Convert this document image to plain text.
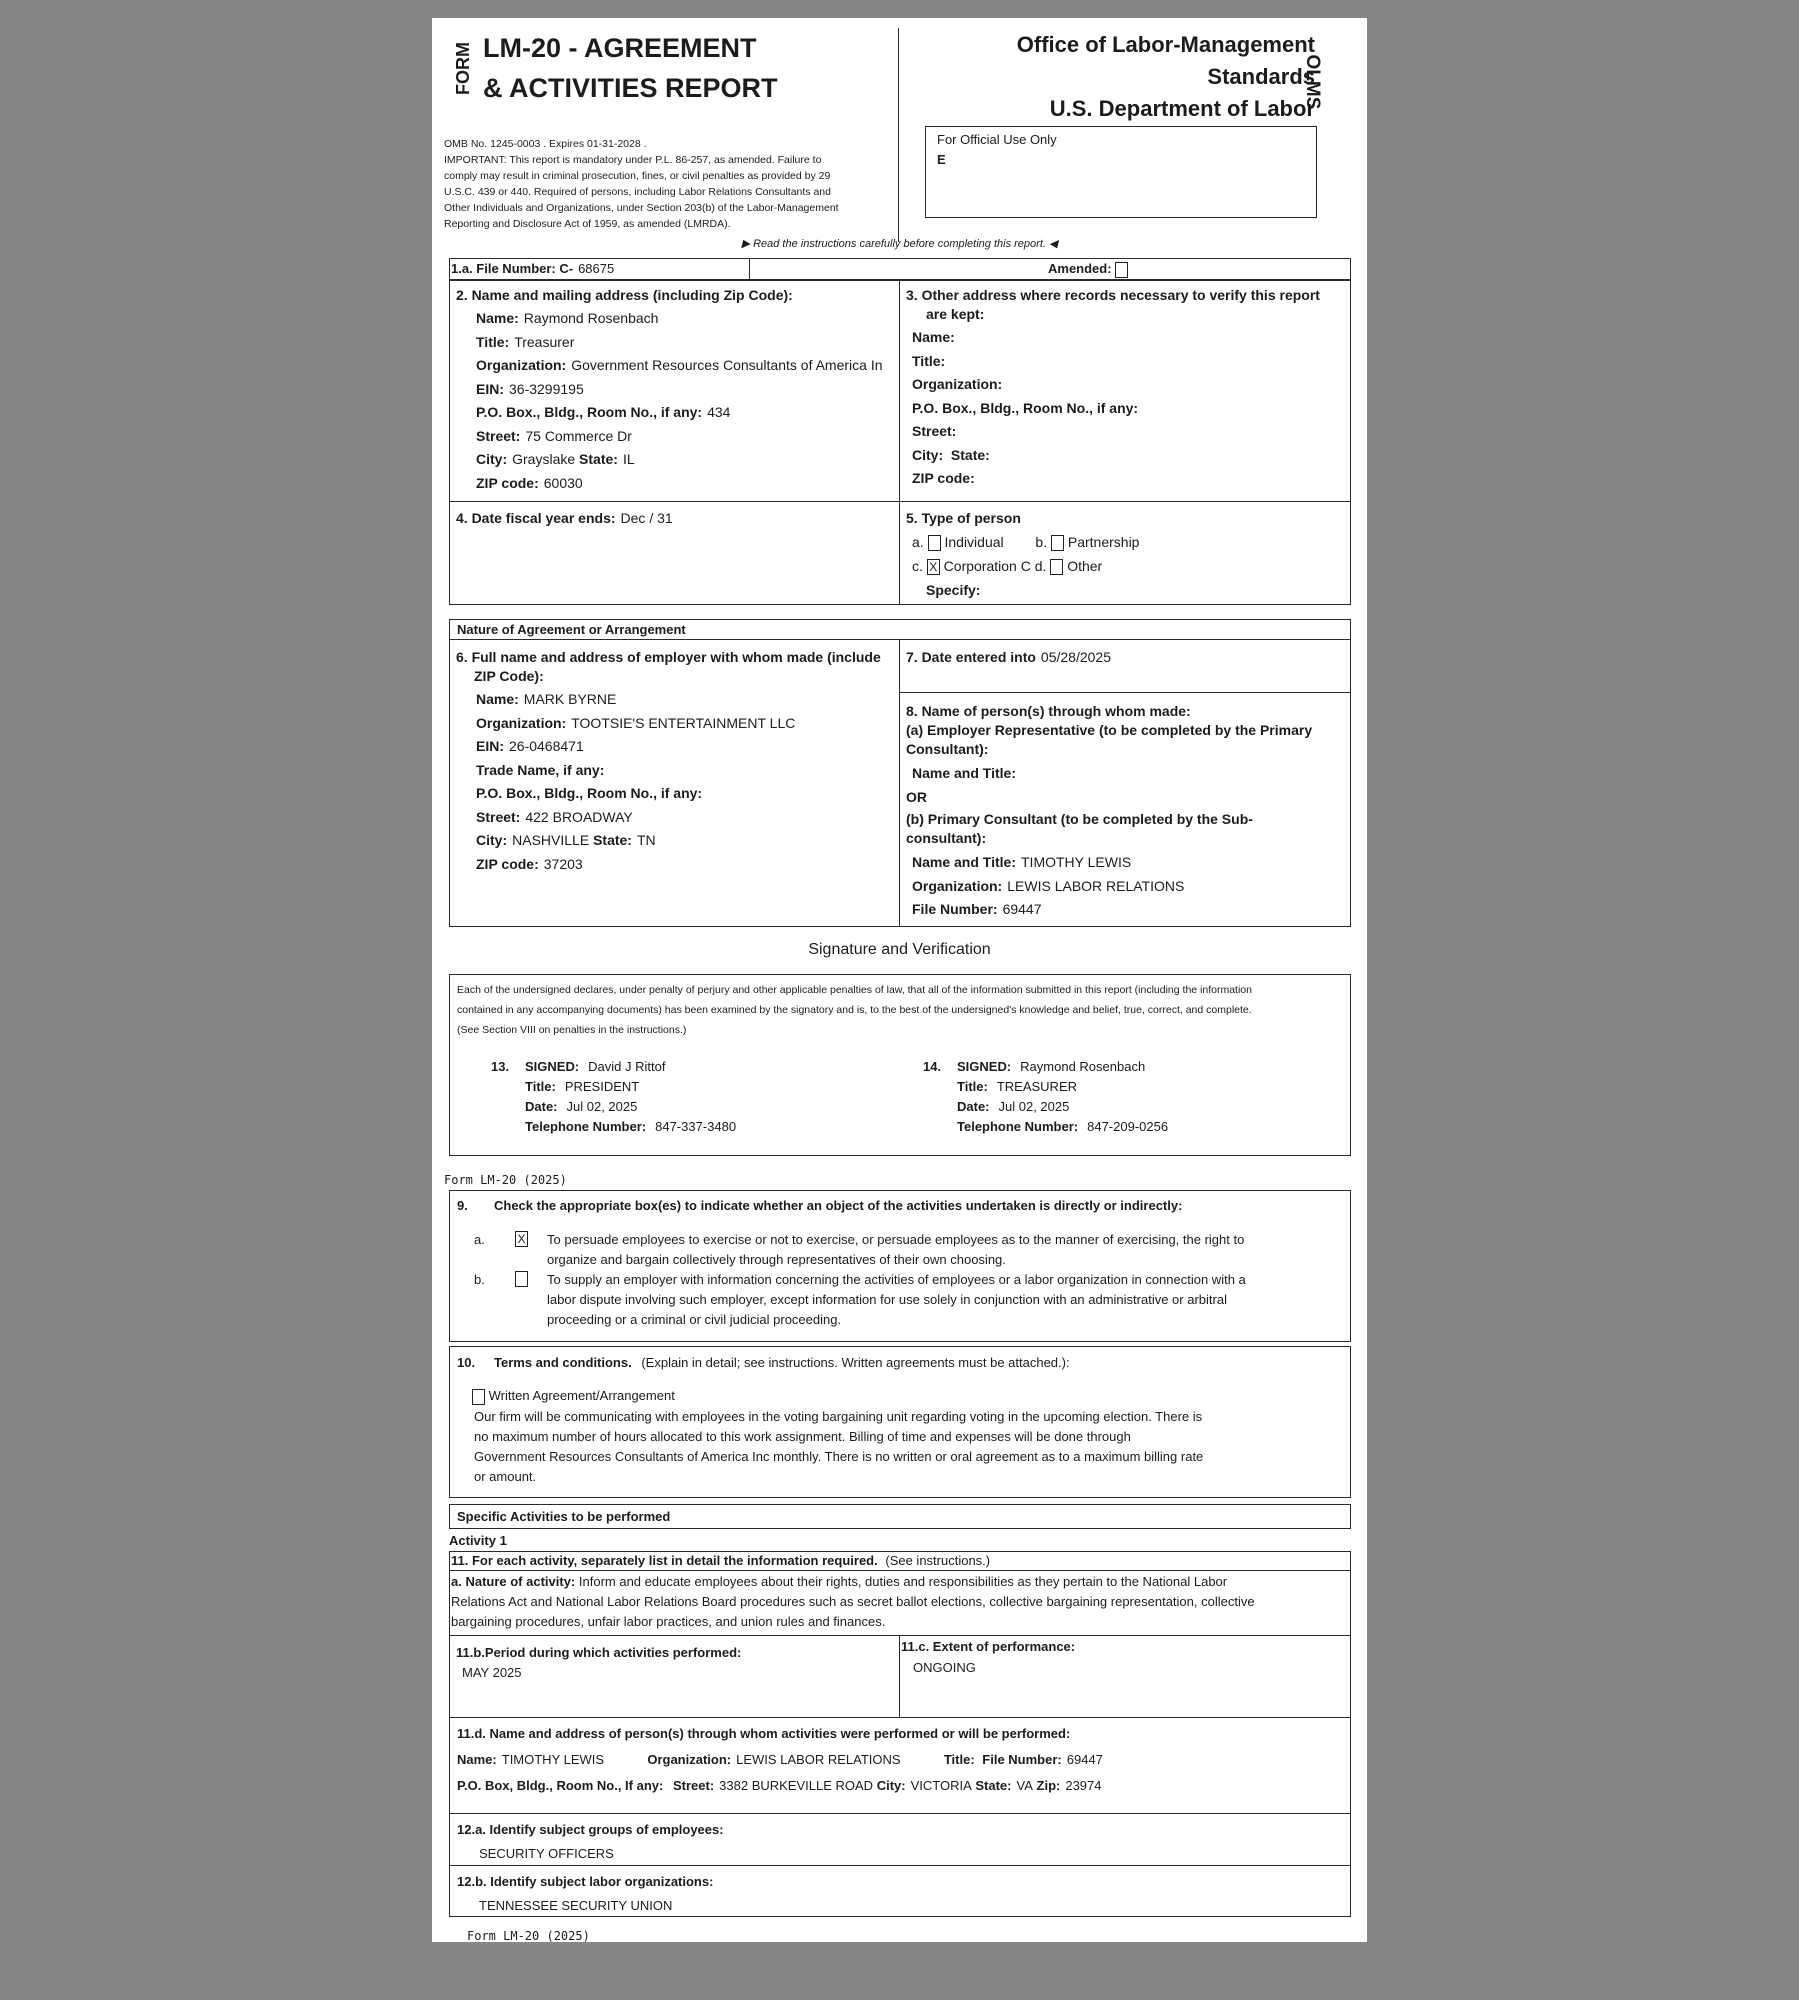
FORM LM-20 - AGREEMENT
& ACTIVITIES REPORT
OMB No. 1245-0003 . Expires 01-31-2028 .
IMPORTANT: This report is mandatory under P.L. 86-257, as amended. Failure to
comply may result in criminal prosecution, fines, or civil penalties as provided by 29
U.S.C. 439 or 440. Required of persons, including Labor Relations Consultants and
Other Individuals and Organizations, under Section 203(b) of the Labor-Management
Reporting and Disclosure Act of 1959, as amended (LMRDA).
Office of Labor-Management
Standards
U.S. Department of Labor
OLMS
For Official Use Only
E
▶ Read the instructions carefully before completing this report. ◀
1.a. File Number: C- 68675	Amended:
2. Name and mailing address (including Zip Code):
Name: Raymond Rosenbach
Title: Treasurer
Organization: Government Resources Consultants of America In
EIN: 36-3299195
P.O. Box., Bldg., Room No., if any: 434
Street: 75 Commerce Dr
City: Grayslake State: IL
ZIP code: 60030
3. Other address where records necessary to verify this report
are kept:
Name:
Title:
Organization:
P.O. Box., Bldg., Room No., if any:
Street:
City: State:
ZIP code:
4. Date fiscal year ends: Dec / 31	5. Type of person
a. Individual b. Partnership
c. X Corporation C d. Other
Specify:
Nature of Agreement or Arrangement
6. Full name and address of employer with whom made (include
ZIP Code):
Name: MARK BYRNE
Organization: TOOTSIE'S ENTERTAINMENT LLC
EIN: 26-0468471
Trade Name, if any:
P.O. Box., Bldg., Room No., if any:
Street: 422 BROADWAY
City: NASHVILLE State: TN
ZIP code: 37203
7. Date entered into 05/28/2025
8. Name of person(s) through whom made:
(a) Employer Representative (to be completed by the Primary
Consultant):
Name and Title:
OR
(b) Primary Consultant (to be completed by the Sub-
consultant):
Name and Title: TIMOTHY LEWIS
Organization: LEWIS LABOR RELATIONS
File Number: 69447
Signature and Verification
Each of the undersigned declares, under penalty of perjury and other applicable penalties of law, that all of the information submitted in this report (including the information
contained in any accompanying documents) has been examined by the signatory and is, to the best of the undersigned's knowledge and belief, true, correct, and complete.
(See Section VIII on penalties in the instructions.)
13. SIGNED: David J Rittof
Title: PRESIDENT
Date: Jul 02, 2025
Telephone Number: 847-337-3480
14. SIGNED: Raymond Rosenbach
Title: TREASURER
Date: Jul 02, 2025
Telephone Number: 847-209-0256
Form LM-20 (2025)
9. Check the appropriate box(es) to indicate whether an object of the activities undertaken is directly or indirectly:
a.	X To persuade employees to exercise or not to exercise, or persuade employees as to the manner of exercising, the right to
organize and bargain collectively through representatives of their own choosing.
b.	To supply an employer with information concerning the activities of employees or a labor organization in connection with a
labor dispute involving such employer, except information for use solely in conjunction with an administrative or arbitral
proceeding or a criminal or civil judicial proceeding.
10. Terms and conditions. (Explain in detail; see instructions. Written agreements must be attached.):
Written Agreement/Arrangement
Our firm will be communicating with employees in the voting bargaining unit regarding voting in the upcoming election. There is
no maximum number of hours allocated to this work assignment. Billing of time and expenses will be done through
Government Resources Consultants of America Inc monthly. There is no written or oral agreement as to a maximum billing rate
or amount.
Specific Activities to be performed
Activity 1
11. For each activity, separately list in detail the information required. (See instructions.)
a. Nature of activity: Inform and educate employees about their rights, duties and responsibilities as they pertain to the National Labor
Relations Act and National Labor Relations Board procedures such as secret ballot elections, collective bargaining representation, collective
bargaining procedures, unfair labor practices, and union rules and finances.
11.b.Period during which activities performed:
MAY 2025
11.c. Extent of performance:
ONGOING
11.d. Name and address of person(s) through whom activities were performed or will be performed:
Name: TIMOTHY LEWIS	Organization: LEWIS LABOR RELATIONS	Title: File Number: 69447
P.O. Box, Bldg., Room No., If any: Street: 3382 BURKEVILLE ROAD City: VICTORIA State: VA Zip: 23974
12.a. Identify subject groups of employees:
SECURITY OFFICERS
12.b. Identify subject labor organizations:
TENNESSEE SECURITY UNION
Form LM-20 (2025)
